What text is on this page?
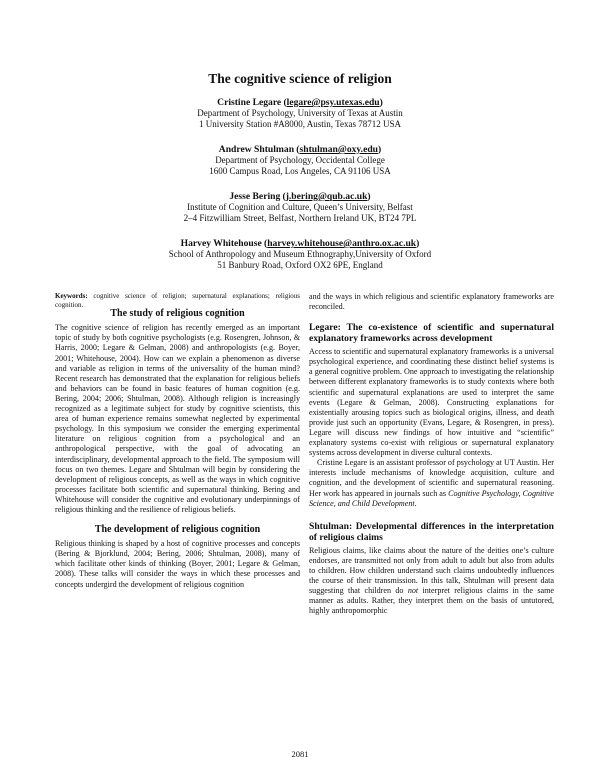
The cognitive science of religion
Cristine Legare (legare@psy.utexas.edu)
Department of Psychology, University of Texas at Austin
1 University Station #A8000, Austin, Texas 78712 USA
Andrew Shtulman (shtulman@oxy.edu)
Department of Psychology, Occidental College
1600 Campus Road, Los Angeles, CA 91106 USA
Jesse Bering (j.bering@qub.ac.uk)
Institute of Cognition and Culture, Queen’s University, Belfast
2–4 Fitzwilliam Street, Belfast, Northern Ireland UK, BT24 7PL
Harvey Whitehouse (harvey.whitehouse@anthro.ox.ac.uk)
School of Anthropology and Museum Ethnography,University of Oxford
51 Banbury Road, Oxford OX2 6PE, England

Keywords: cognitive science of religion; supernatural explanations; religious cognition.

The study of religious cognition

The cognitive science of religion has recently emerged as an important topic of study by both cognitive psychologists (e.g. Rosengren, Johnson, & Harris, 2000; Legare & Gelman, 2008) and anthropologists (e.g. Boyer, 2001; Whitehouse, 2004). How can we explain a phenomenon as diverse and variable as religion in terms of the universality of the human mind? Recent research has demonstrated that the explanation for religious beliefs and behaviors can be found in basic features of human cognition (e.g. Bering, 2004; 2006; Shtulman, 2008). Although religion is increasingly recognized as a legitimate subject for study by cognitive scientists, this area of human experience remains somewhat neglected by experimental psychology. In this symposium we consider the emerging experimental literature on religious cognition from a psychological and an anthropological perspective, with the goal of advocating an interdisciplinary, developmental approach to the field. The symposium will focus on two themes. Legare and Shtulman will begin by considering the development of religious concepts, as well as the ways in which cognitive processes facilitate both scientific and supernatural thinking. Bering and Whitehouse will consider the cognitive and evolutionary underpinnings of religious thinking and the resilience of religious beliefs.

The development of religious cognition

Religious thinking is shaped by a host of cognitive processes and concepts (Bering & Bjorklund, 2004; Bering, 2006; Shtulman, 2008), many of which facilitate other kinds of thinking (Boyer, 2001; Legare & Gelman, 2008). These talks will consider the ways in which these processes and concepts undergird the development of religious cognition

and the ways in which religious and scientific explanatory frameworks are reconciled.

Legare: The co-existence of scientific and supernatural explanatory frameworks across development

Access to scientific and supernatural explanatory frameworks is a universal psychological experience, and coordinating these distinct belief systems is a general cognitive problem. One approach to investigating the relationship between different explanatory frameworks is to study contexts where both scientific and supernatural explanations are used to interpret the same events (Legare & Gelman, 2008). Constructing explanations for existentially arousing topics such as biological origins, illness, and death provide just such an opportunity (Evans, Legare, & Rosengren, in press). Legare will discuss new findings of how intuitive and “scientific” explanatory systems co-exist with religious or supernatural explanatory systems across development in diverse cultural contexts.

Cristine Legare is an assistant professor of psychology at UT Austin. Her interests include mechanisms of knowledge acquisition, culture and cognition, and the development of scientific and supernatural reasoning. Her work has appeared in journals such as Cognitive Psychology, Cognitive Science, and Child Development.

Shtulman: Developmental differences in the interpretation of religious claims

Religious claims, like claims about the nature of the deities one’s culture endorses, are transmitted not only from adult to adult but also from adults to children. How children understand such claims undoubtedly influences the course of their transmission. In this talk, Shtulman will present data suggesting that children do not interpret religious claims in the same manner as adults. Rather, they interpret them on the basis of untutored, highly anthropomorphic

2081
